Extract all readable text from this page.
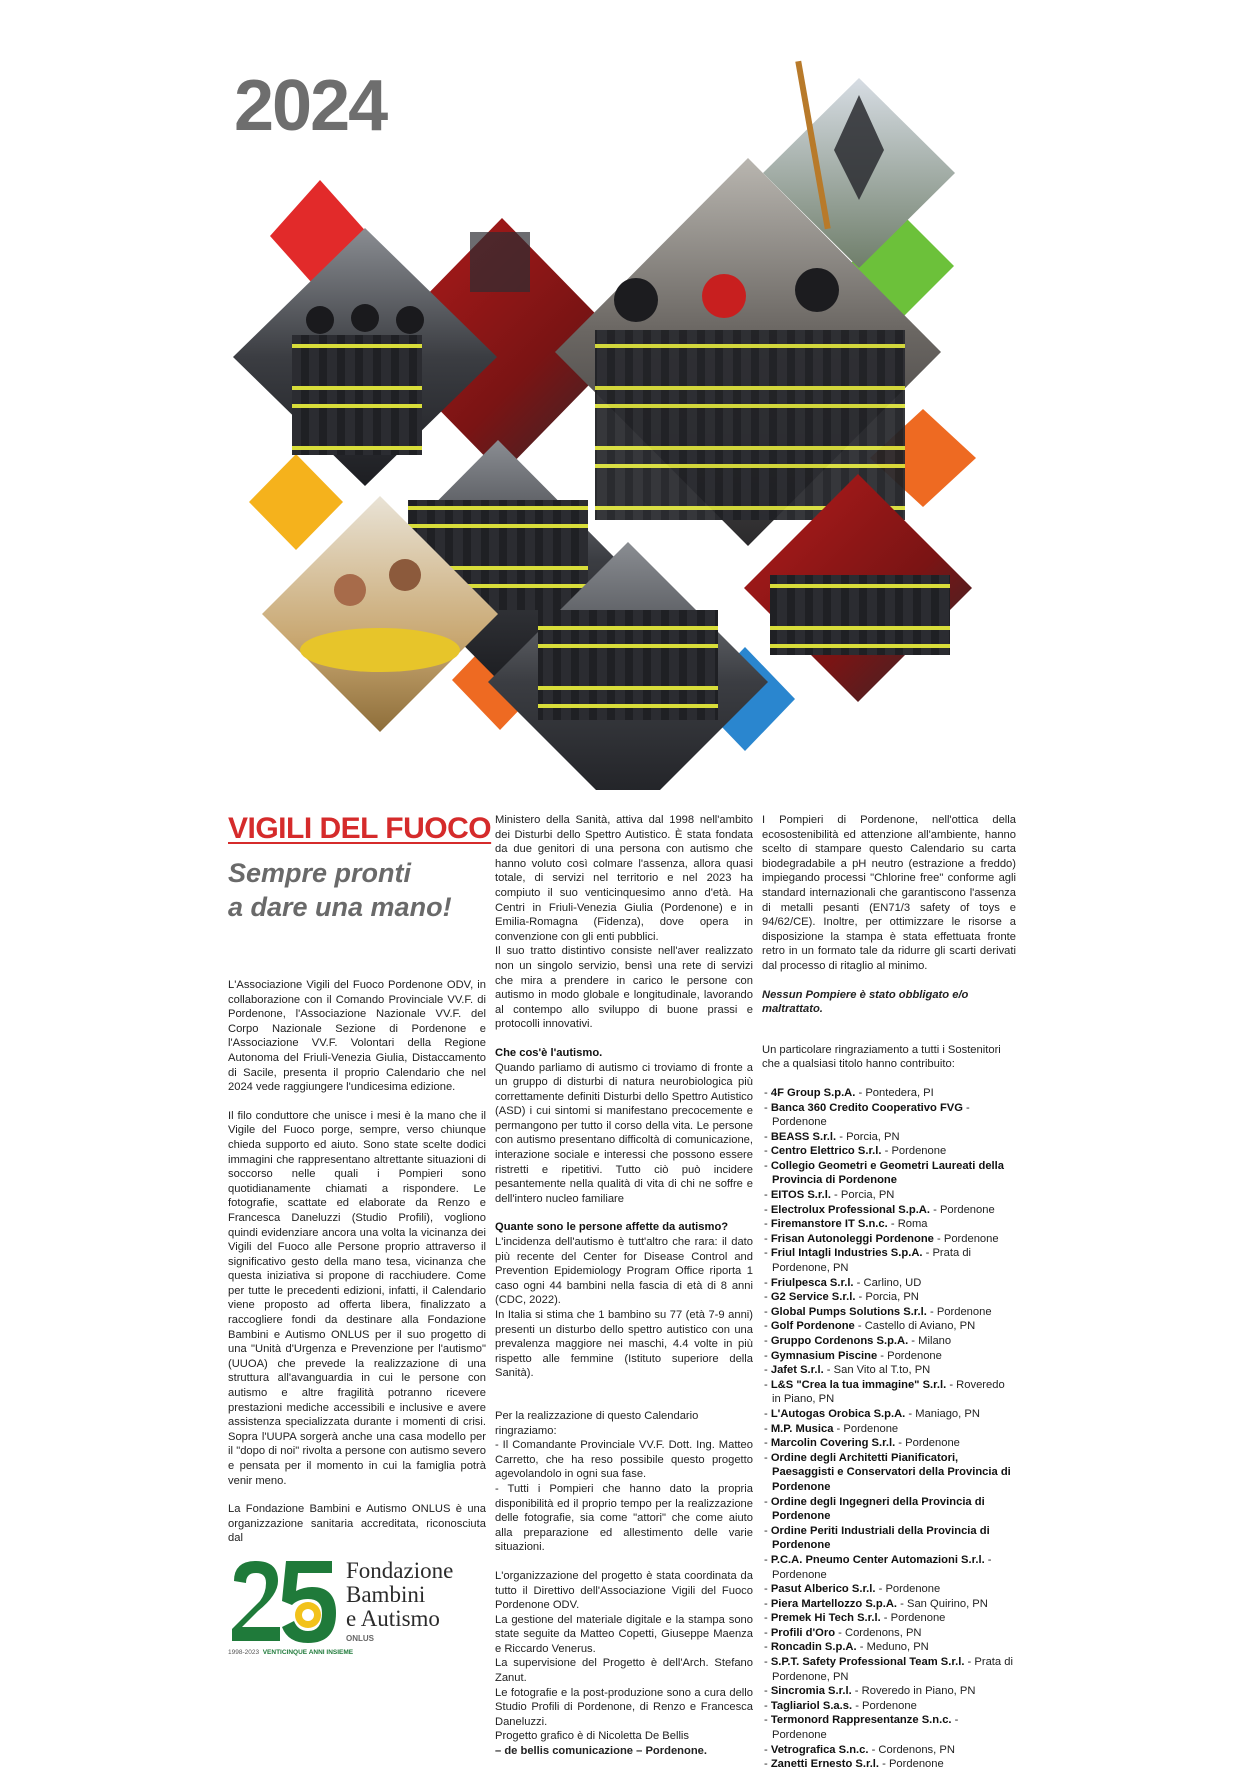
2024
VIGILI DEL FUOCO
Sempre pronti
a dare una mano!

L'Associazione Vigili del Fuoco Pordenone ODV, in collaborazione con il Comando Provinciale VV.F. di Pordenone, l'Associazione Nazionale VV.F. del Corpo Nazionale Sezione di Pordenone e l'Associazione VV.F. Volontari della Regione Autonoma del Friuli-Venezia Giulia, Distaccamento di Sacile, presenta il proprio Calendario che nel 2024 vede raggiungere l'undicesima edizione.

Il filo conduttore che unisce i mesi è la mano che il Vigile del Fuoco porge, sempre, verso chiunque chieda supporto ed aiuto. Sono state scelte dodici immagini che rappresentano altrettante situazioni di soccorso nelle quali i Pompieri sono quotidianamente chiamati a rispondere. Le fotografie, scattate ed elaborate da Renzo e Francesca Daneluzzi (Studio Profili), vogliono quindi evidenziare ancora una volta la vicinanza dei Vigili del Fuoco alle Persone proprio attraverso il significativo gesto della mano tesa, vicinanza che questa iniziativa si propone di racchiudere. Come per tutte le precedenti edizioni, infatti, il Calendario viene proposto ad offerta libera, finalizzato a raccogliere fondi da destinare alla Fondazione Bambini e Autismo ONLUS per il suo progetto di una "Unità d'Urgenza e Prevenzione per l'autismo" (UUOA) che prevede la realizzazione di una struttura all'avanguardia in cui le persone con autismo e altre fragilità potranno ricevere prestazioni mediche accessibili e inclusive e avere assistenza specializzata durante i momenti di crisi. Sopra l'UUPA sorgerà anche una casa modello per il "dopo di noi" rivolta a persone con autismo severo e pensata per il momento in cui la famiglia potrà venir meno.

La Fondazione Bambini e Autismo ONLUS è una organizzazione sanitaria accreditata, riconosciuta dal

Ministero della Sanità, attiva dal 1998 nell'ambito dei Disturbi dello Spettro Autistico. È stata fondata da due genitori di una persona con autismo che hanno voluto così colmare l'assenza, allora quasi totale, di servizi nel territorio e nel 2023 ha compiuto il suo venticinquesimo anno d'età. Ha Centri in Friuli-Venezia Giulia (Pordenone) e in Emilia-Romagna (Fidenza), dove opera in convenzione con gli enti pubblici.

Il suo tratto distintivo consiste nell'aver realizzato non un singolo servizio, bensì una rete di servizi che mira a prendere in carico le persone con autismo in modo globale e longitudinale, lavorando al contempo allo sviluppo di buone prassi e protocolli innovativi.

Che cos'è l'autismo.

Quando parliamo di autismo ci troviamo di fronte a un gruppo di disturbi di natura neurobiologica più correttamente definiti Disturbi dello Spettro Autistico (ASD) i cui sintomi si manifestano precocemente e permangono per tutto il corso della vita. Le persone con autismo presentano difficoltà di comunicazione, interazione sociale e interessi che possono essere ristretti e ripetitivi. Tutto ciò può incidere pesantemente nella qualità di vita di chi ne soffre e dell'intero nucleo familiare

Quante sono le persone affette da autismo?

L'incidenza dell'autismo è tutt'altro che rara: il dato più recente del Center for Disease Control and Prevention Epidemiology Program Office riporta 1 caso ogni 44 bambini nella fascia di età di 8 anni (CDC, 2022).

In Italia si stima che 1 bambino su 77 (età 7-9 anni) presenti un disturbo dello spettro autistico con una prevalenza maggiore nei maschi, 4.4 volte in più rispetto alle femmine (Istituto superiore della Sanità).

Per la realizzazione di questo Calendario ringraziamo:

- Il Comandante Provinciale VV.F. Dott. Ing. Matteo Carretto, che ha reso possibile questo progetto agevolandolo in ogni sua fase.

- Tutti i Pompieri che hanno dato la propria disponibilità ed il proprio tempo per la realizzazione delle fotografie, sia come "attori" che come aiuto alla preparazione ed allestimento delle varie situazioni.

L'organizzazione del progetto è stata coordinata da tutto il Direttivo dell'Associazione Vigili del Fuoco Pordenone ODV.

La gestione del materiale digitale e la stampa sono state seguite da Matteo Copetti, Giuseppe Maenza e Riccardo Venerus.

La supervisione del Progetto è dell'Arch. Stefano Zanut.

Le fotografie e la post-produzione sono a cura dello Studio Profili di Pordenone, di Renzo e Francesca Daneluzzi.

Progetto grafico è di Nicoletta De Bellis

– de bellis comunicazione – Pordenone.

I Pompieri di Pordenone, nell'ottica della ecosostenibilità ed attenzione all'ambiente, hanno scelto di stampare questo Calendario su carta biodegradabile a pH neutro (estrazione a freddo) impiegando processi "Chlorine free" conforme agli standard internazionali che garantiscono l'assenza di metalli pesanti (EN71/3 safety of toys e 94/62/CE). Inoltre, per ottimizzare le risorse a disposizione la stampa è stata effettuata fronte retro in un formato tale da ridurre gli scarti derivati dal processo di ritaglio al minimo.

Nessun Pompiere è stato obbligato e/o maltrattato.

Un particolare ringraziamento a tutti i Sostenitori che a qualsiasi titolo hanno contribuito:

- 4F Group S.p.A. - Pontedera, PI
- Banca 360 Credito Cooperativo FVG - Pordenone
- BEASS S.r.l. - Porcia, PN
- Centro Elettrico S.r.l. - Pordenone
- Collegio Geometri e Geometri Laureati della Provincia di Pordenone
- EITOS S.r.l. - Porcia, PN
- Electrolux Professional S.p.A. - Pordenone
- Firemanstore IT S.n.c. - Roma
- Frisan Autonoleggi Pordenone - Pordenone
- Friul Intagli Industries S.p.A. - Prata di Pordenone, PN
- Friulpesca S.r.l. - Carlino, UD
- G2 Service S.r.l. - Porcia, PN
- Global Pumps Solutions S.r.l. - Pordenone
- Golf Pordenone - Castello di Aviano, PN
- Gruppo Cordenons S.p.A. - Milano
- Gymnasium Piscine - Pordenone
- Jafet S.r.l. - San Vito al T.to, PN
- L&S "Crea la tua immagine" S.r.l. - Roveredo in Piano, PN
- L'Autogas Orobica S.p.A. - Maniago, PN
- M.P. Musica - Pordenone
- Marcolin Covering S.r.l. - Pordenone
- Ordine degli Architetti Pianificatori, Paesaggisti e Conservatori della Provincia di Pordenone
- Ordine degli Ingegneri della Provincia di Pordenone
- Ordine Periti Industriali della Provincia di Pordenone
- P.C.A. Pneumo Center Automazioni S.r.l. - Pordenone
- Pasut Alberico S.r.l. - Pordenone
- Piera Martellozzo S.p.A. - San Quirino, PN
- Premek Hi Tech S.r.l. - Pordenone
- Profili d'Oro - Cordenons, PN
- Roncadin S.p.A. - Meduno, PN
- S.P.T. Safety Professional Team S.r.l. - Prata di Pordenone, PN
- Sincromia S.r.l. - Roveredo in Piano, PN
- Tagliariol S.a.s. - Pordenone
- Termonord Rappresentanze S.n.c. - Pordenone
- Vetrografica S.n.c. - Cordenons, PN
- Zanetti Ernesto S.r.l. - Pordenone
Fondazione
Bambini
e Autismo
ONLUS
1998-2023 VENTICINQUE ANNI INSIEME
